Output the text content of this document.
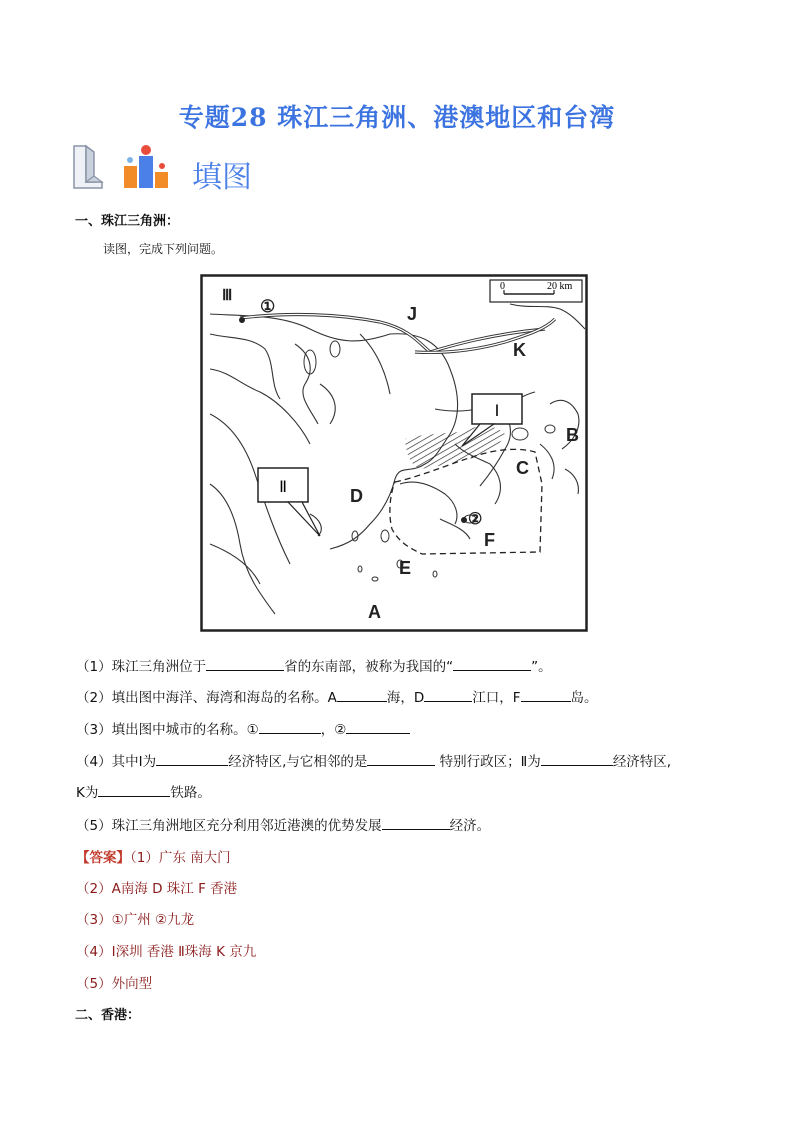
专题28 珠江三角洲、港澳地区和台湾
填图
一、珠江三角洲：
读图，完成下列问题。
0	20 km
Ⅰ
Ⅱ
Ⅲ
①	J
K
B
C
D
②
F
E
A
（1）珠江三角洲位于	省的东南部，被称为我国的“	”。
（2）填出图中海洋、海湾和海岛的名称。A	海，D	江口，F	岛。
（3）填出图中城市的名称。①	，②
（4）其中Ⅰ为	经济特区,与它相邻的是	特别行政区；Ⅱ为	经济特区,
K为	铁路。
（5）珠江三角洲地区充分利用邻近港澳的优势发展	经济。
【答案】（1）广东 南大门
（2）A南海 D 珠江 F 香港
（3）①广州 ②九龙
（4）Ⅰ深圳 香港 Ⅱ珠海 K 京九
（5）外向型
二、香港：
